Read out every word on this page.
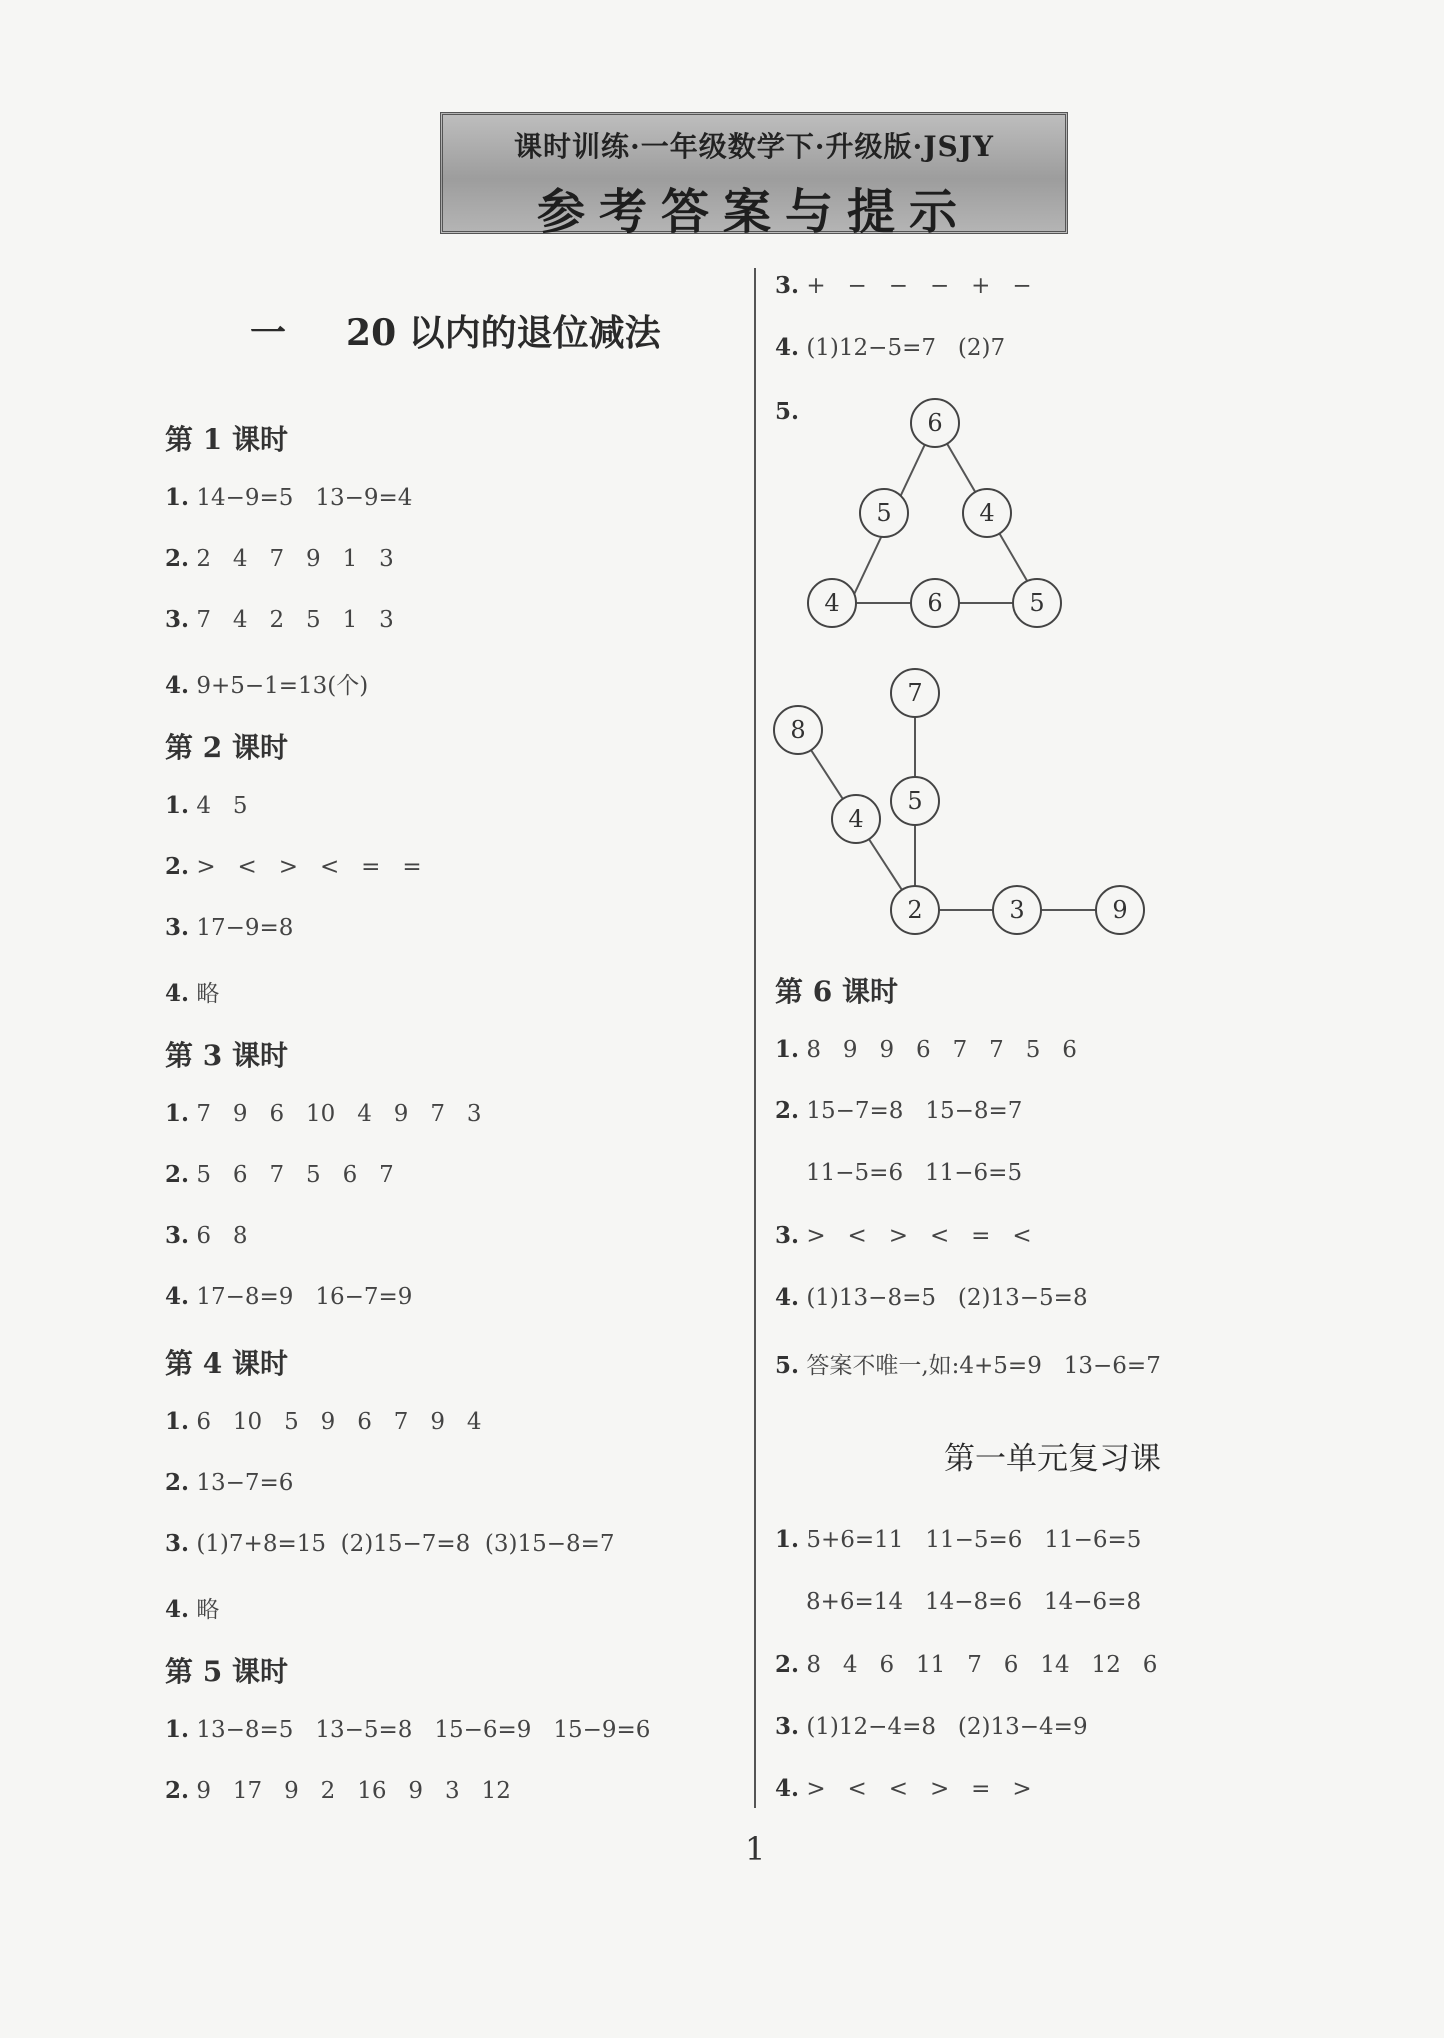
课时训练·一年级数学下·升级版·JSJY
参考答案与提示
一 20 以内的退位减法
第 1 课时
1. 14−9=5   13−9=4
2. 2   4   7   9   1   3
3. 7   4   2   5   1   3
4. 9+5−1=13(个)
第 2 课时
1. 4   5
2. >   <   >   <   =   =
3. 17−9=8
4. 略
第 3 课时
1. 7   9   6   10   4   9   7   3
2. 5   6   7   5   6   7
3. 6   8
4. 17−8=9   16−7=9
第 4 课时
1. 6   10   5   9   6   7   9   4
2. 13−7=6
3. (1)7+8=15  (2)15−7=8  (3)15−8=7
4. 略
第 5 课时
1. 13−8=5   13−5=8   15−6=9   15−9=6
2. 9   17   9   2   16   9   3   12
3. +   −   −   −   +   −
4. (1)12−5=7   (2)7
5.	6
5	4
4	6	5
7
8
5
4
2	3	9
第 6 课时
1. 8   9   9   6   7   7   5   6
2. 15−7=8   15−8=7
11−5=6   11−6=5
3. >   <   >   <   =   <
4. (1)13−8=5   (2)13−5=8
5. 答案不唯一,如:4+5=9   13−6=7
第一单元复习课
1. 5+6=11   11−5=6   11−6=5
8+6=14   14−8=6   14−6=8
2. 8   4   6   11   7   6   14   12   6
3. (1)12−4=8   (2)13−4=9
4. >   <   <   >   =   >
1
